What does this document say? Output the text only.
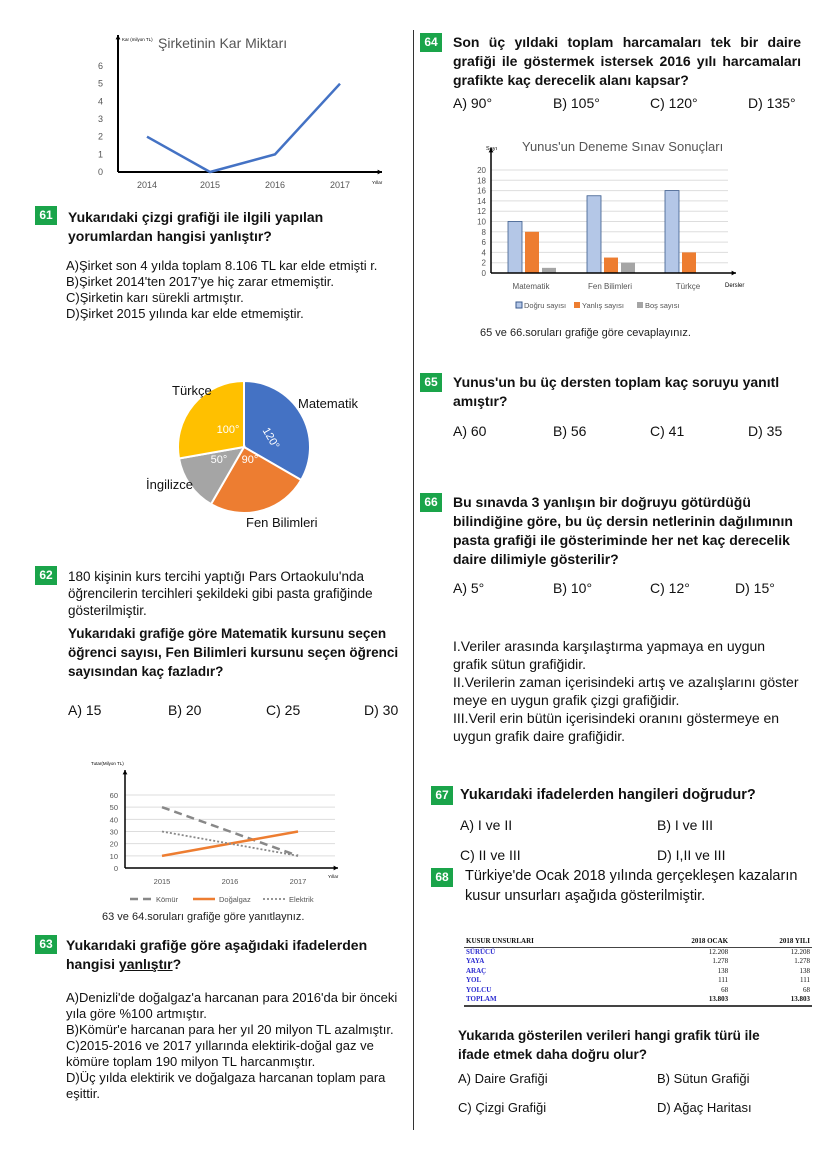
0
1
2
3
4
5
6
2014	2015	2016	2017
Şirketinin Kar Miktarı
Kar (milyon TL)
Yıllar
120°
90°
50°
100°
0
10
20
30
40
50
60
2015	2016	2017
Kömür	Doğalgaz	Elektrik
Tutar(Milyon TL)
Yıllar
0
2
4
6
8
10
12
14
16
18
20
Matematik	Fen Bilimleri	Türkçe
Yunus'un Deneme Sınav Sonuçları
Sayı
Dersler
Doğru sayısı Yanlış sayısı	Boş sayısı
61	Yukarıdaki çizgi grafiği ile ilgili yapılan yorumlardan hangisi yanlıştır?
A)Şirket son 4 yılda toplam 8.106 TL kar elde etmişti r.
B)Şirket 2014'ten 2017'ye hiç zarar etmemiştir.
C)Şirketin karı sürekli artmıştır.
D)Şirket 2015 yılında kar elde etmemiştir.
Türkçe
Matematik
İngilizce
Fen Bilimleri
62	180 kişinin kurs tercihi yaptığı Pars Ortaokulu'nda öğrencilerin tercihleri şekildeki gibi pasta grafiğinde gösterilmiştir.
Yukarıdaki grafiğe göre Matematik kursunu seçen öğrenci sayısı, Fen Bilimleri kursunu seçen öğrenci sayısından kaç fazladır?
A) 15	B) 20	C) 25	D) 30
63 ve 64.soruları grafiğe göre yanıtlaynız.
63 Yukarıdaki grafiğe göre aşağıdaki ifadelerden hangisi yanlıştır?
A)Denizli'de doğalgaz'a harcanan para 2016'da bir önceki yıla göre %100 artmıştır.
B)Kömür'e harcanan para her yıl 20 milyon TL azalmıştır.
C)2015-2016 ve 2017 yıllarında elektirik-doğal gaz ve kömüre toplam 190 milyon TL harcanmıştır.
D)Üç yılda elektirik ve doğalgaza harcanan toplam para eşittir.
64	Son üç yıldaki toplam harcamaları tek bir daire grafiği ile göstermek istersek 2016 yılı harcamaları grafikte kaç derecelik alanı kapsar?
A) 90°	B) 105°	C) 120°	D) 135°
65 ve 66.soruları grafiğe göre cevaplayınız.
65	Yunus'un bu üç dersten toplam kaç soruyu yanıtl amıştır?
A) 60	B) 56	C) 41	D) 35
66	Bu sınavda 3 yanlışın bir doğruyu götürdüğü bilindiğine göre, bu üç dersin netlerinin dağılımının pasta grafiği ile gösteriminde her net kaç derecelik daire dilimiyle gösterilir?
A) 5°	B) 10°	C) 12°	D) 15°
I.Veriler arasında karşılaştırma yapmaya en uygun grafik sütun grafiğidir.
II.Verilerin zaman içerisindeki artış ve azalışlarını göster meye en uygun grafik çizgi grafiğidir.
III.Veril erin bütün içerisindeki oranını göstermeye en uygun grafik daire grafiğidir.
67 Yukarıdaki ifadelerden hangileri doğrudur?
A) I ve II	B) I ve III
C) II ve III	D) I,II ve III
68 Türkiye'de Ocak 2018 yılında gerçekleşen kazaların kusur unsurları aşağıda gösterilmiştir.
KUSUR UNSURLARI	2018 OCAK	2018 YILI
SÜRÜCÜ	12.208	12.208
YAYA	1.278	1.278
ARAÇ	138	138
YOL	111	111
YOLCU	68	68
TOPLAM	13.803	13.803
Yukarıda gösterilen verileri hangi grafik türü ile ifade etmek daha doğru olur?
A) Daire Grafiği	B) Sütun Grafiği
C) Çizgi Grafiği	D) Ağaç Haritası
